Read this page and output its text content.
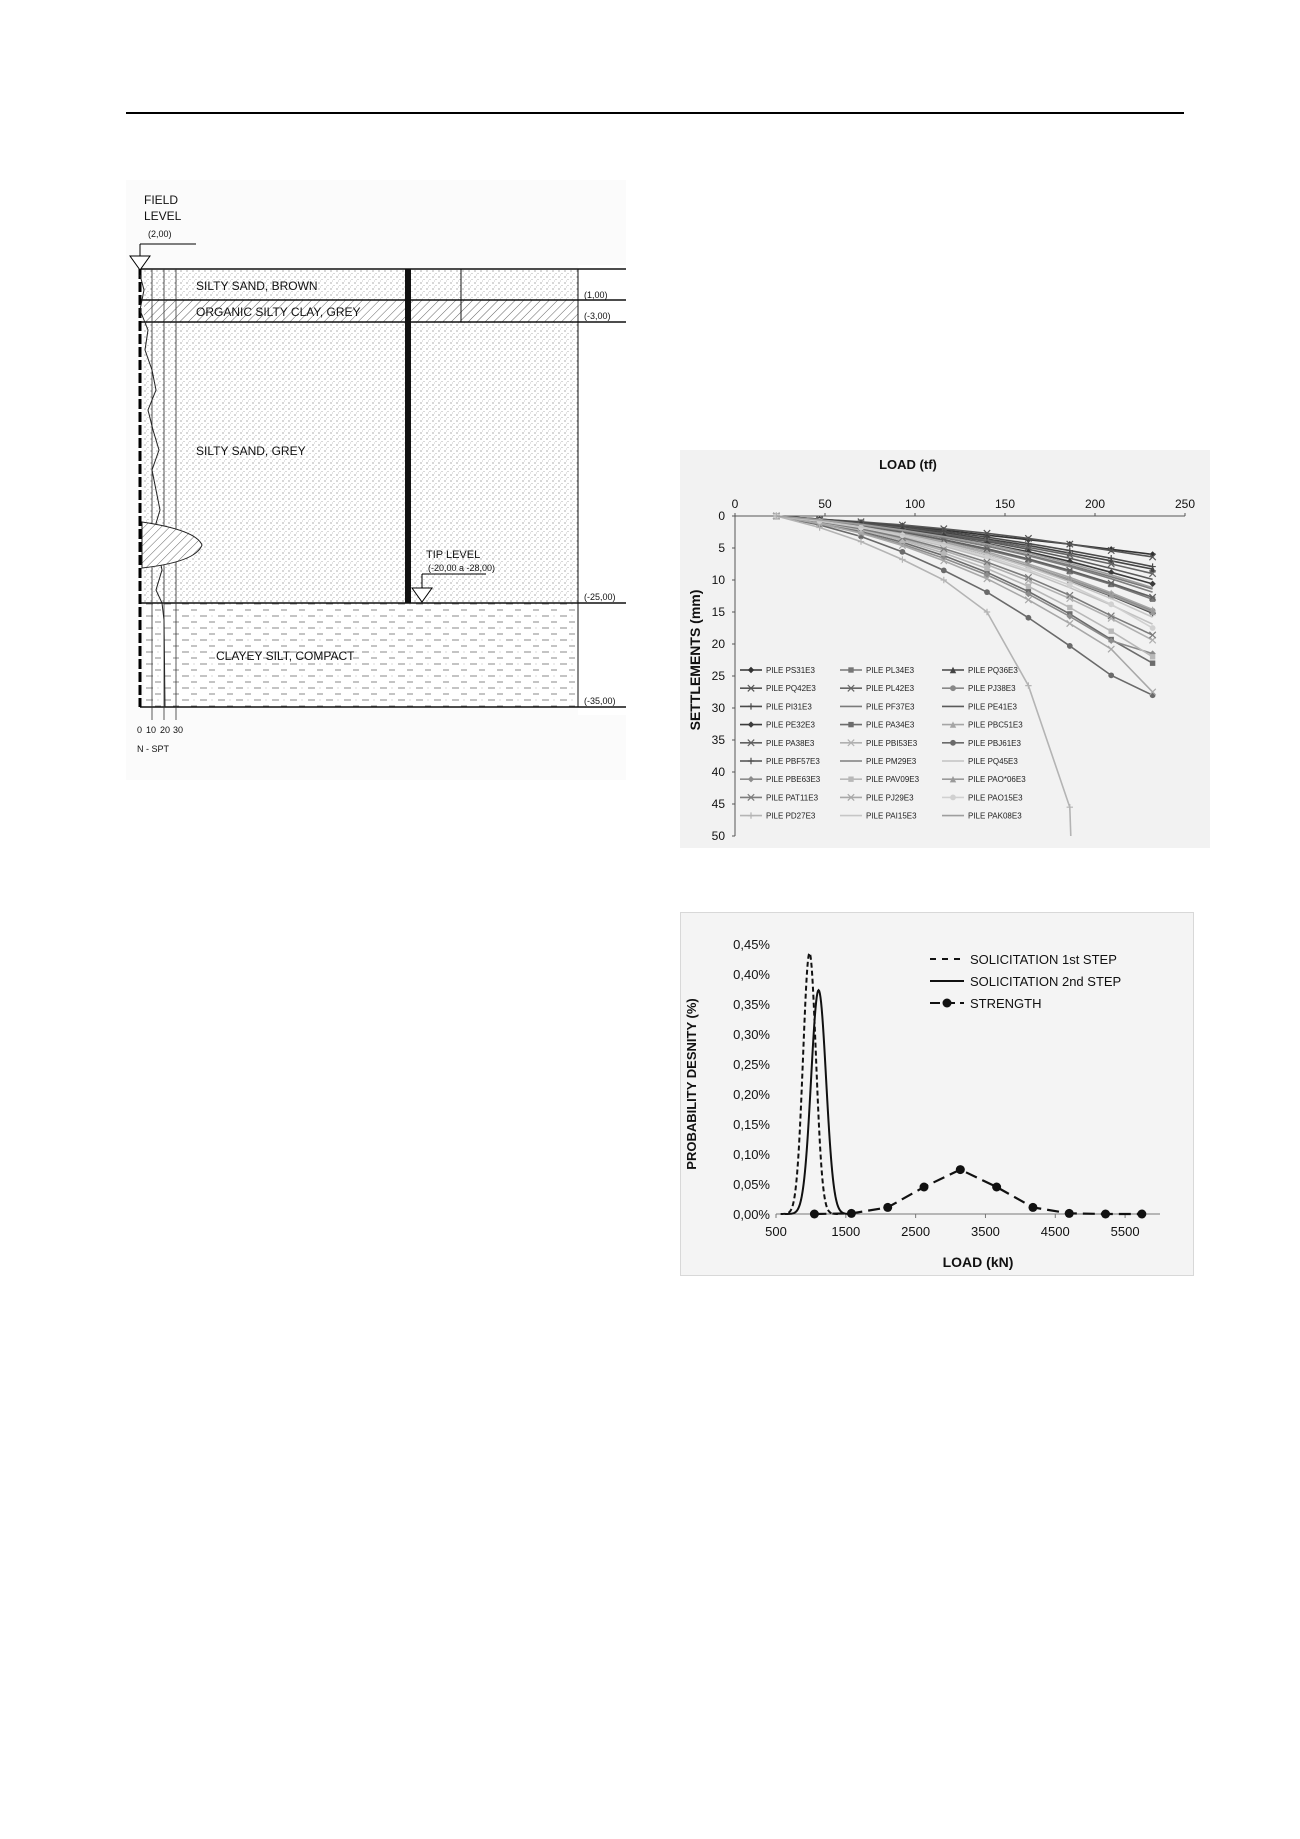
FIELD
LEVEL
(2,00)
SILTY SAND, BROWN
ORGANIC SILTY CLAY, GREY
SILTY SAND, GREY
CLAYEY SILT, COMPACT
(1,00)
(-3,00)
(-25,00)
(-35,00)
TIP LEVEL
(-20,00 a -28,00)
0 10 20 30
N - SPT
LOAD (tf)
SETTLEMENTS (mm)
0	50	100	150	200	250
0
5
10
15
20
25
30
35
40
45
50
PILE PS31E3	PILE PL34E3	PILE PQ36E3
PILE PQ42E3	PILE PL42E3	PILE PJ38E3
PILE PI31E3	PILE PF37E3	PILE PE41E3
PILE PE32E3	PILE PA34E3	PILE PBC51E3
PILE PA38E3	PILE PBI53E3	PILE PBJ61E3
PILE PBF57E3	PILE PM29E3	PILE PQ45E3
PILE PBE63E3	PILE PAV09E3	PILE PAO*06E3
PILE PAT11E3	PILE PJ29E3	PILE PAO15E3
PILE PD27E3	PILE PAI15E3	PILE PAK08E3
LOAD (kN)
PROBABILITY DESNITY (%)
500	1500	2500	3500	4500	5500
0,00%
0,05%
0,10%
0,15%
0,20%
0,25%
0,30%
0,35%
0,40%
0,45%
SOLICITATION 1st STEP
SOLICITATION 2nd STEP
STRENGTH
